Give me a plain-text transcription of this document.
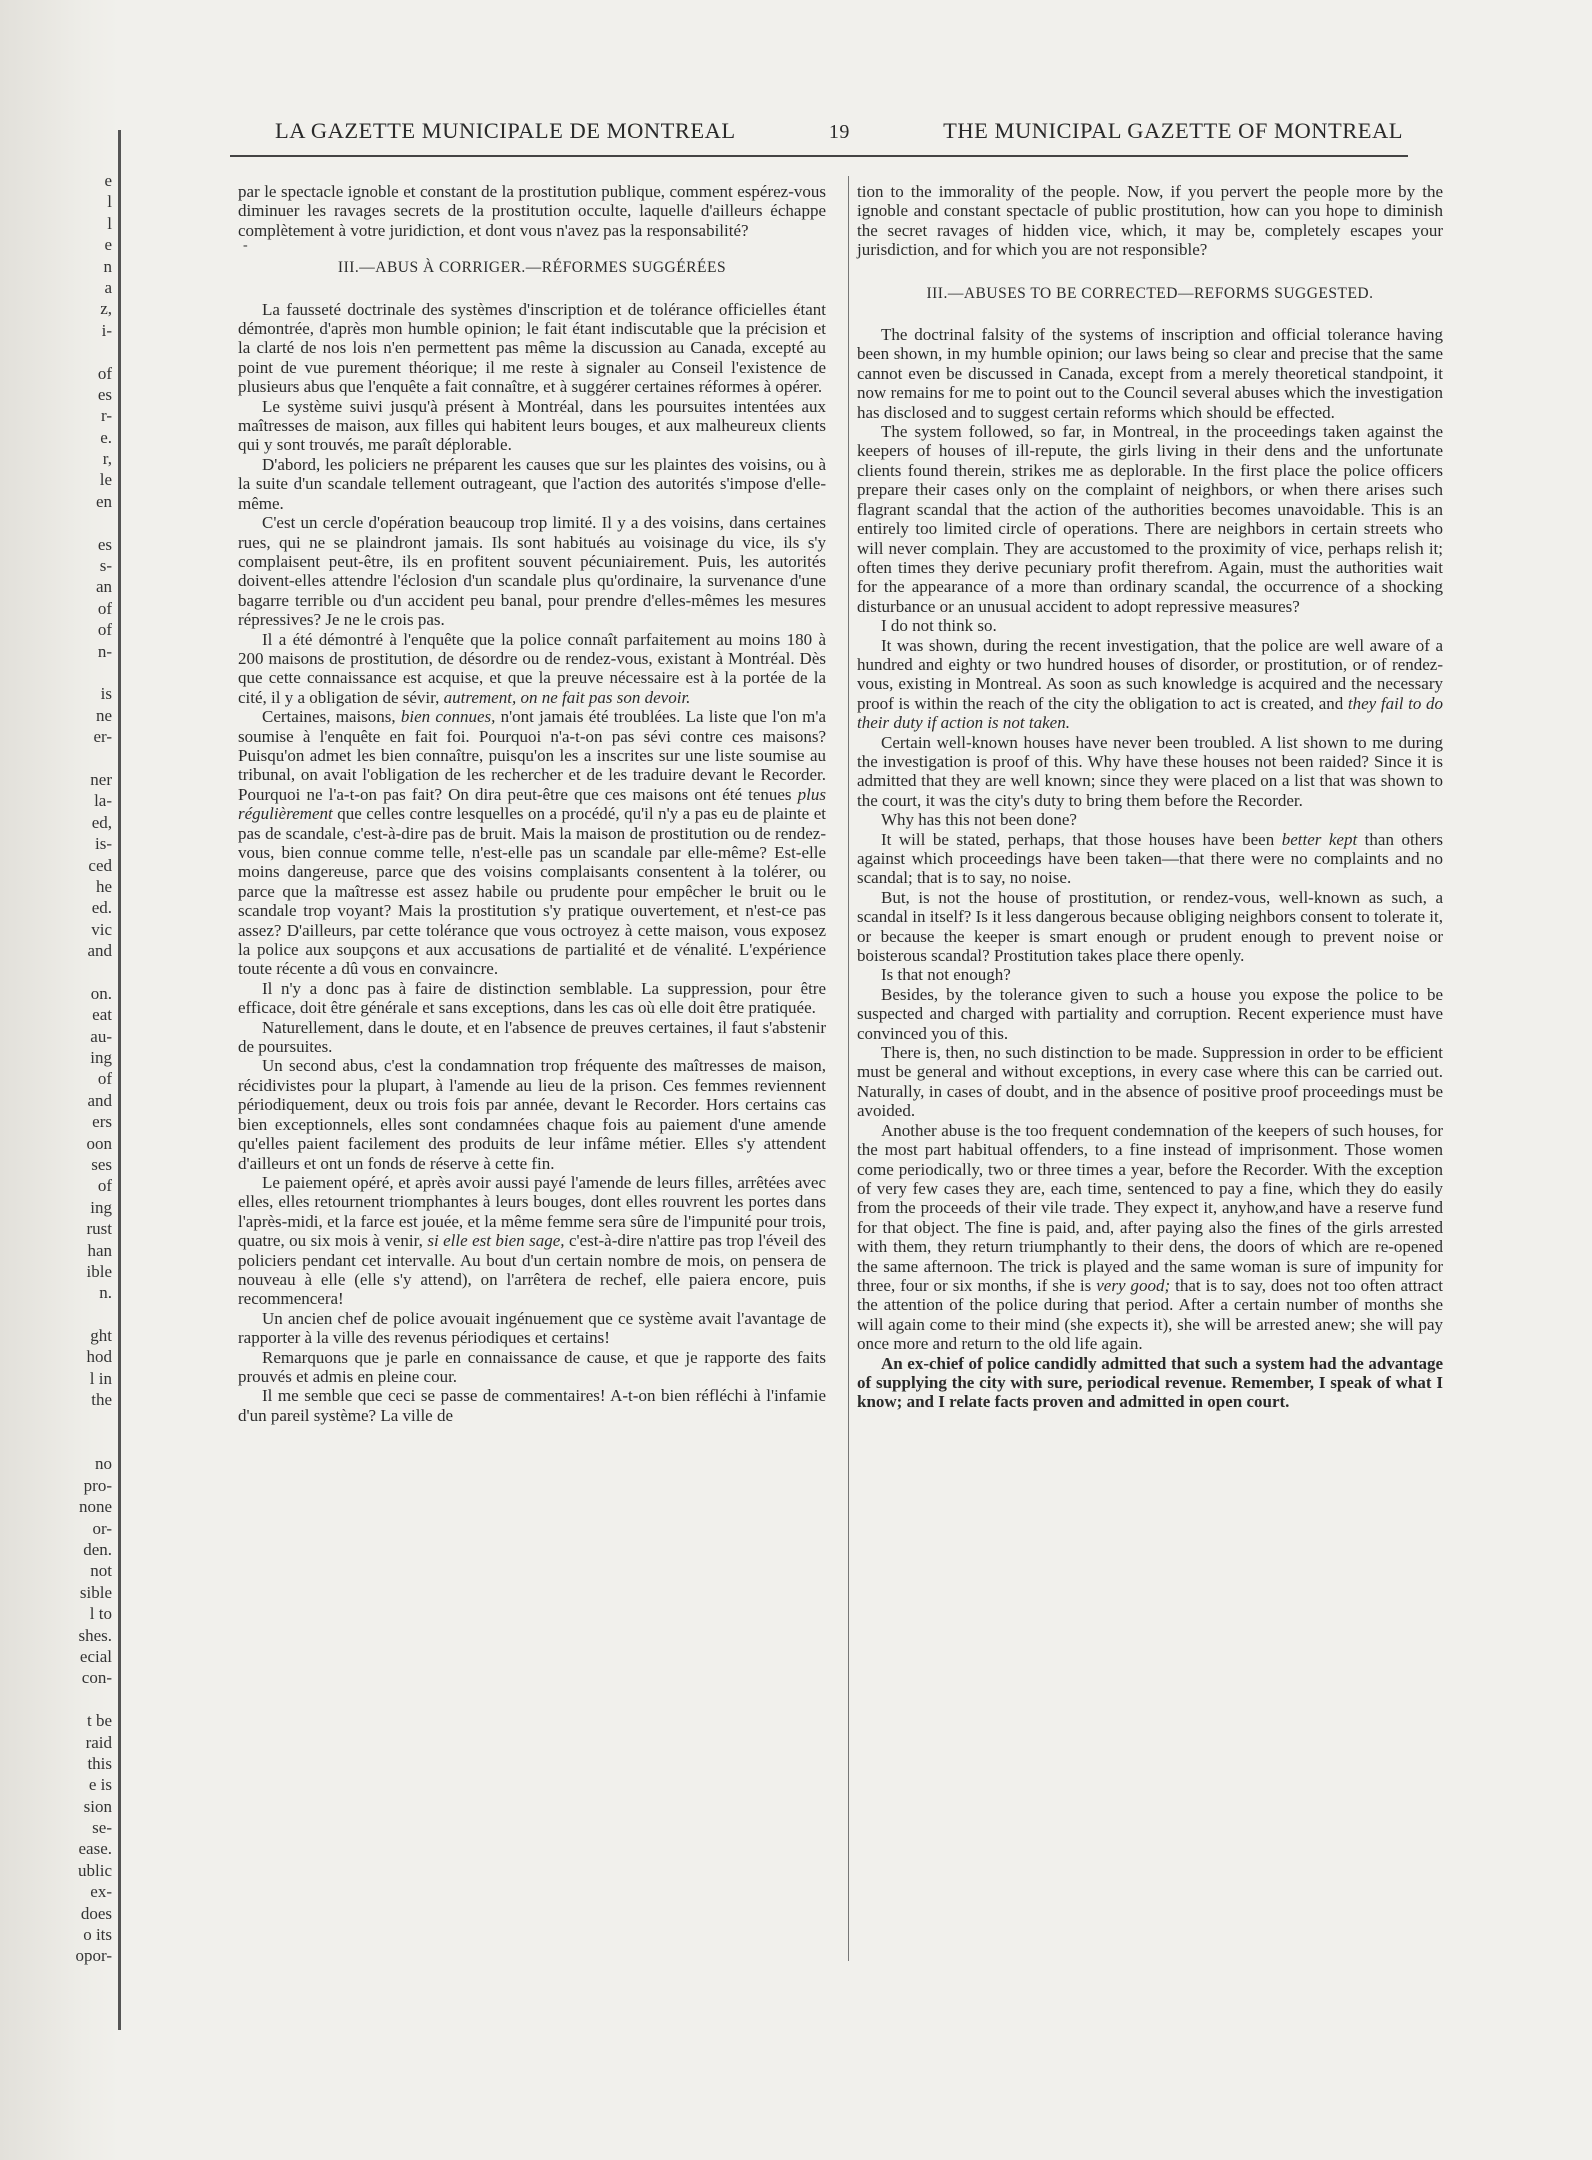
e
l
l
e
n
a
z,
i-

of
es
r-
e.
r,
le
en

es
s-
an
of
of
n-

is
ne
er-

ner
la-
ed,
is-
ced
he
ed.
vic
and

on.
eat
au-
ing
of
and
ers
oon
ses
of
ing
rust
han
ible
n.

ght
hod
l in
the

no
pro-
none
or-
den.
not
sible
l to
shes.
ecial
con-

t be
raid
this
e is
sion
se-
ease.
ublic
ex-
does
o its
opor-
LA GAZETTE MUNICIPALE DE MONTREAL	19	THE MUNICIPAL GAZETTE OF MONTREAL

par le spectacle ignoble et constant de la prostitution publique, comment espérez-vous diminuer les ravages secrets de la prostitution occulte, laquelle d'ailleurs échappe complètement à votre juridiction, et dont vous n'avez pas la responsabilité?

-
III.—ABUS À CORRIGER.—RÉFORMES SUGGÉRÉES

La fausseté doctrinale des systèmes d'inscription et de tolérance officielles étant démontrée, d'après mon humble opinion; le fait étant indiscutable que la précision et la clarté de nos lois n'en permettent pas même la discussion au Canada, excepté au point de vue purement théorique; il me reste à signaler au Conseil l'existence de plusieurs abus que l'enquête a fait connaître, et à suggérer certaines réformes à opérer.

Le système suivi jusqu'à présent à Montréal, dans les poursuites intentées aux maîtresses de maison, aux filles qui habitent leurs bouges, et aux malheureux clients qui y sont trouvés, me paraît déplorable.

D'abord, les policiers ne préparent les causes que sur les plaintes des voisins, ou à la suite d'un scandale tellement outrageant, que l'action des autorités s'impose d'elle-même.

C'est un cercle d'opération beaucoup trop limité. Il y a des voisins, dans certaines rues, qui ne se plaindront jamais. Ils sont habitués au voisinage du vice, ils s'y complaisent peut-être, ils en profitent souvent pécuniairement. Puis, les autorités doivent-elles attendre l'éclosion d'un scandale plus qu'ordinaire, la survenance d'une bagarre terrible ou d'un accident peu banal, pour prendre d'elles-mêmes les mesures répressives? Je ne le crois pas.

Il a été démontré à l'enquête que la police connaît parfaitement au moins 180 à 200 maisons de prostitution, de désordre ou de rendez-vous, existant à Montréal. Dès que cette connaissance est acquise, et que la preuve nécessaire est à la portée de la cité, il y a obligation de sévir, autrement, on ne fait pas son devoir.

Certaines, maisons, bien connues, n'ont jamais été troublées. La liste que l'on m'a soumise à l'enquête en fait foi. Pourquoi n'a-t-on pas sévi contre ces maisons? Puisqu'on admet les bien connaître, puisqu'on les a inscrites sur une liste soumise au tribunal, on avait l'obligation de les rechercher et de les traduire devant le Recorder. Pourquoi ne l'a-t-on pas fait? On dira peut-être que ces maisons ont été tenues plus régulièrement que celles contre lesquelles on a procédé, qu'il n'y a pas eu de plainte et pas de scandale, c'est-à-dire pas de bruit. Mais la maison de prostitution ou de rendez-vous, bien connue comme telle, n'est-elle pas un scandale par elle-même? Est-elle moins dangereuse, parce que des voisins complaisants consentent à la tolérer, ou parce que la maîtresse est assez habile ou prudente pour empêcher le bruit ou le scandale trop voyant? Mais la prostitution s'y pratique ouvertement, et n'est-ce pas assez? D'ailleurs, par cette tolérance que vous octroyez à cette maison, vous exposez la police aux soupçons et aux accusations de partialité et de vénalité. L'expérience toute récente a dû vous en convaincre.

Il n'y a donc pas à faire de distinction semblable. La suppression, pour être efficace, doit être générale et sans exceptions, dans les cas où elle doit être pratiquée.

Naturellement, dans le doute, et en l'absence de preuves certaines, il faut s'abstenir de poursuites.

Un second abus, c'est la condamnation trop fréquente des maîtresses de maison, récidivistes pour la plupart, à l'amende au lieu de la prison. Ces femmes reviennent périodiquement, deux ou trois fois par année, devant le Recorder. Hors certains cas bien exceptionnels, elles sont condamnées chaque fois au paiement d'une amende qu'elles paient facilement des produits de leur infâme métier. Elles s'y attendent d'ailleurs et ont un fonds de réserve à cette fin.

Le paiement opéré, et après avoir aussi payé l'amende de leurs filles, arrêtées avec elles, elles retournent triomphantes à leurs bouges, dont elles rouvrent les portes dans l'après-midi, et la farce est jouée, et la même femme sera sûre de l'impunité pour trois, quatre, ou six mois à venir, si elle est bien sage, c'est-à-dire n'attire pas trop l'éveil des policiers pendant cet intervalle. Au bout d'un certain nombre de mois, on pensera de nouveau à elle (elle s'y attend), on l'arrêtera de rechef, elle paiera encore, puis recommencera!

Un ancien chef de police avouait ingénuement que ce système avait l'avantage de rapporter à la ville des revenus périodiques et certains!

Remarquons que je parle en connaissance de cause, et que je rapporte des faits prouvés et admis en pleine cour.

Il me semble que ceci se passe de commentaires! A-t-on bien réfléchi à l'infamie d'un pareil système? La ville de

tion to the immorality of the people. Now, if you pervert the people more by the ignoble and constant spectacle of public prostitution, how can you hope to diminish the secret ravages of hidden vice, which, it may be, completely escapes your jurisdiction, and for which you are not responsible?

III.—ABUSES TO BE CORRECTED—REFORMS SUGGESTED.

The doctrinal falsity of the systems of inscription and official tolerance having been shown, in my humble opinion; our laws being so clear and precise that the same cannot even be discussed in Canada, except from a merely theoretical standpoint, it now remains for me to point out to the Council several abuses which the investigation has disclosed and to suggest certain reforms which should be effected.

The system followed, so far, in Montreal, in the proceedings taken against the keepers of houses of ill-repute, the girls living in their dens and the unfortunate clients found therein, strikes me as deplorable. In the first place the police officers prepare their cases only on the complaint of neighbors, or when there arises such flagrant scandal that the action of the authorities becomes unavoidable. This is an entirely too limited circle of operations. There are neighbors in certain streets who will never complain. They are accustomed to the proximity of vice, perhaps relish it; often times they derive pecuniary profit therefrom. Again, must the authorities wait for the appearance of a more than ordinary scandal, the occurrence of a shocking disturbance or an unusual accident to adopt repressive measures?

I do not think so.

It was shown, during the recent investigation, that the police are well aware of a hundred and eighty or two hundred houses of disorder, or prostitution, or of rendez-vous, existing in Montreal. As soon as such knowledge is acquired and the necessary proof is within the reach of the city the obligation to act is created, and they fail to do their duty if action is not taken.

Certain well-known houses have never been troubled. A list shown to me during the investigation is proof of this. Why have these houses not been raided? Since it is admitted that they are well known; since they were placed on a list that was shown to the court, it was the city's duty to bring them before the Recorder.

Why has this not been done?

It will be stated, perhaps, that those houses have been better kept than others against which proceedings have been taken—that there were no complaints and no scandal; that is to say, no noise.

But, is not the house of prostitution, or rendez-vous, well-known as such, a scandal in itself? Is it less dangerous because obliging neighbors consent to tolerate it, or because the keeper is smart enough or prudent enough to prevent noise or boisterous scandal? Prostitution takes place there openly.

Is that not enough?

Besides, by the tolerance given to such a house you expose the police to be suspected and charged with partiality and corruption. Recent experience must have convinced you of this.

There is, then, no such distinction to be made. Suppression in order to be efficient must be general and without exceptions, in every case where this can be carried out. Naturally, in cases of doubt, and in the absence of positive proof proceedings must be avoided.

Another abuse is the too frequent condemnation of the keepers of such houses, for the most part habitual offenders, to a fine instead of imprisonment. Those women come periodically, two or three times a year, before the Recorder. With the exception of very few cases they are, each time, sentenced to pay a fine, which they do easily from the proceeds of their vile trade. They expect it, anyhow,and have a reserve fund for that object. The fine is paid, and, after paying also the fines of the girls arrested with them, they return triumphantly to their dens, the doors of which are re-opened the same afternoon. The trick is played and the same woman is sure of impunity for three, four or six months, if she is very good; that is to say, does not too often attract the attention of the police during that period. After a certain number of months she will again come to their mind (she expects it), she will be arrested anew; she will pay once more and return to the old life again.

An ex-chief of police candidly admitted that such a system had the advantage of supplying the city with sure, periodical revenue. Remember, I speak of what I know; and I relate facts proven and admitted in open court.
